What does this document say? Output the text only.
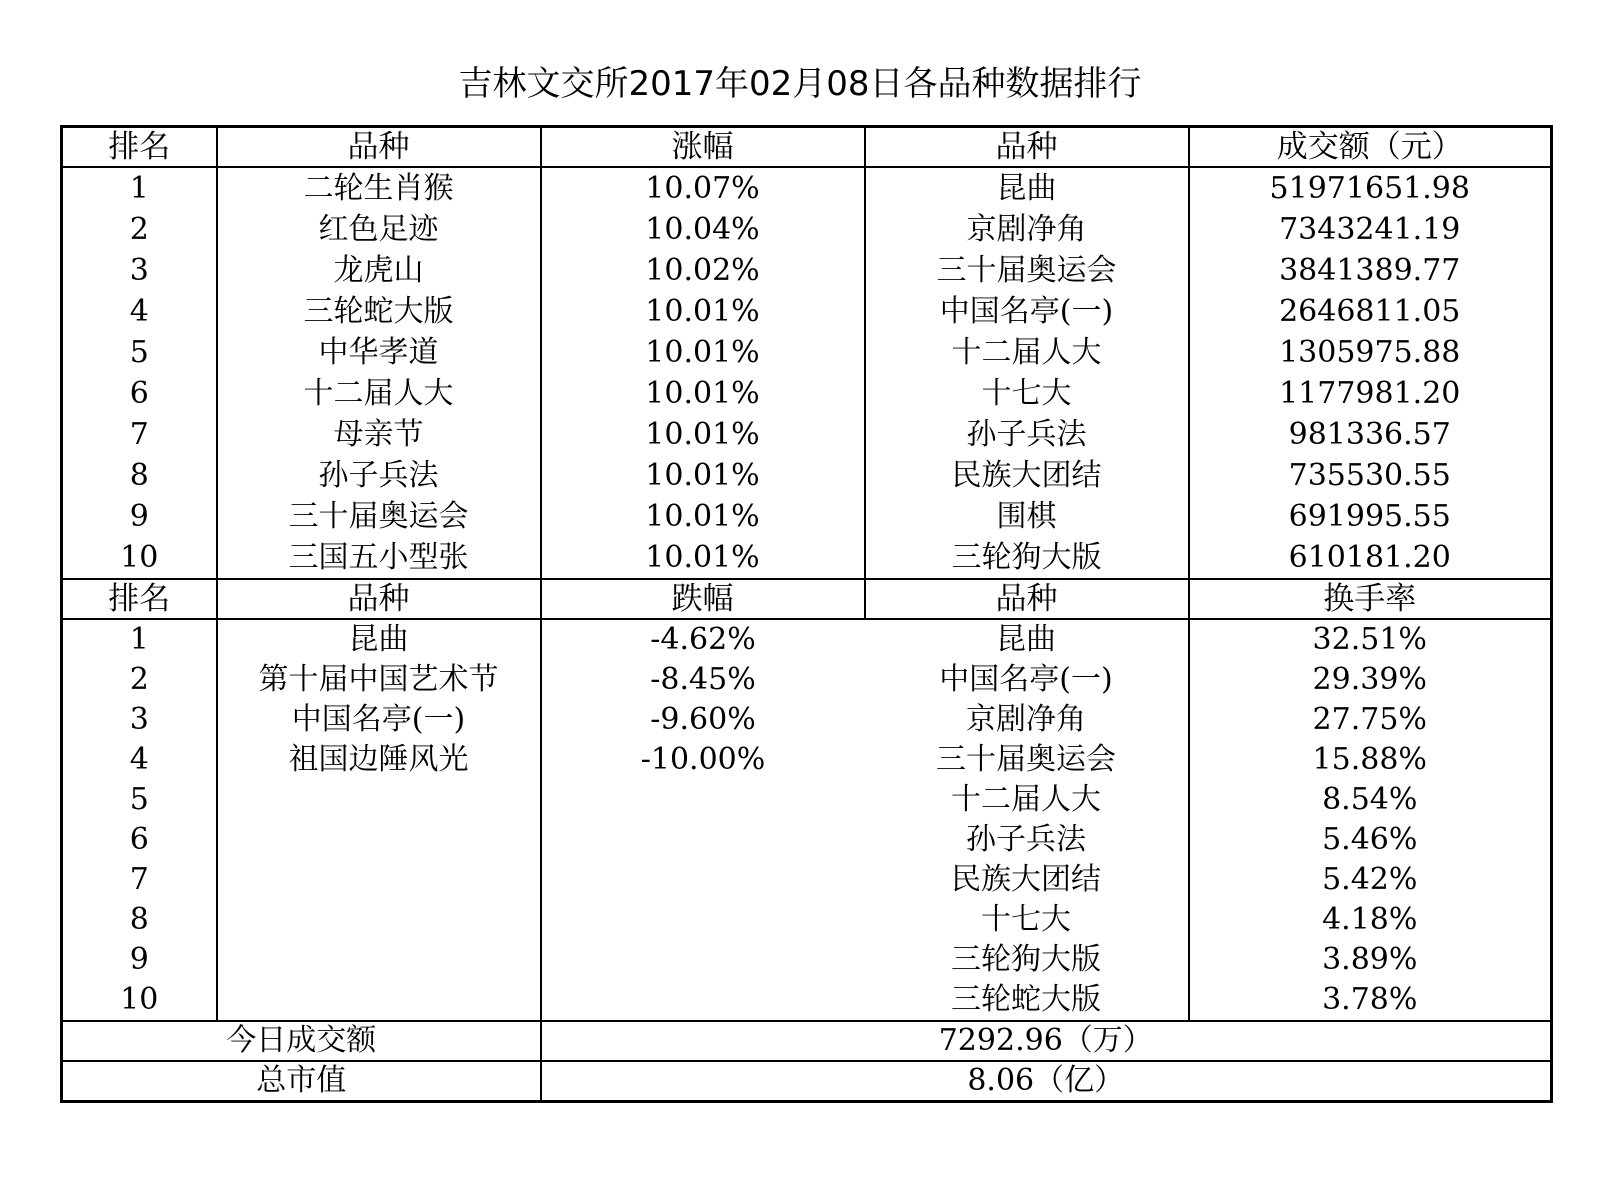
吉林文交所2017年02月08日各品种数据排行
排名	品种	涨幅	品种	成交额（元）
1	二轮生肖猴	10.07%	昆曲	51971651.98
2	红色足迹	10.04%	京剧净角	7343241.19
3	龙虎山	10.02%	三十届奥运会	3841389.77
4	三轮蛇大版	10.01%	中国名亭(一)	2646811.05
5	中华孝道	10.01%	十二届人大	1305975.88
6	十二届人大	10.01%	十七大	1177981.20
7	母亲节	10.01%	孙子兵法	981336.57
8	孙子兵法	10.01%	民族大团结	735530.55
9	三十届奥运会	10.01%	围棋	691995.55
10	三国五小型张	10.01%	三轮狗大版	610181.20
排名	品种	跌幅	品种	换手率
1	昆曲	-4.62%	昆曲	32.51%
2	第十届中国艺术节	-8.45%	中国名亭(一)	29.39%
3	中国名亭(一)	-9.60%	京剧净角	27.75%
4	祖国边陲风光	-10.00%	三十届奥运会	15.88%
5			十二届人大	8.54%
6			孙子兵法	5.46%
7			民族大团结	5.42%
8			十七大	4.18%
9			三轮狗大版	3.89%
10			三轮蛇大版	3.78%
今日成交额		7292.96（万）		
总市值		8.06（亿）		
